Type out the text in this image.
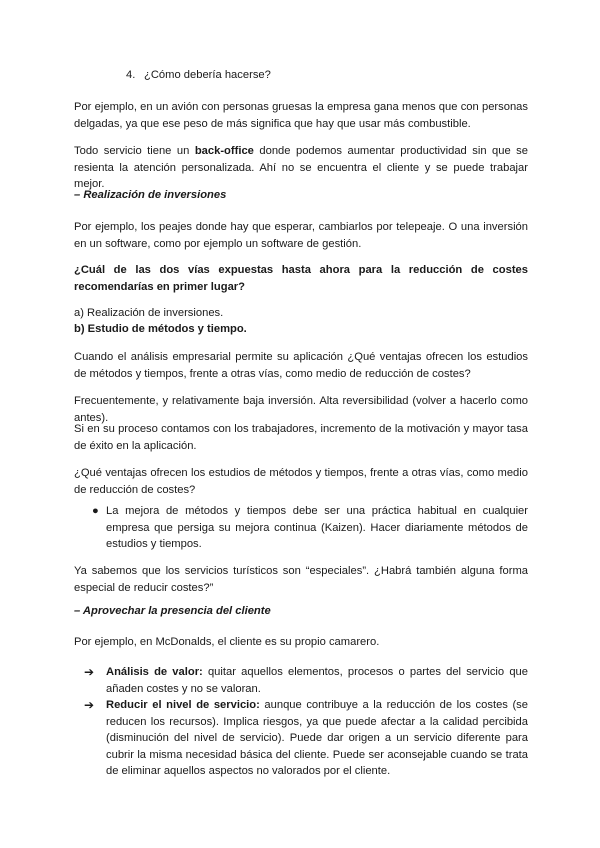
4. ¿Cómo debería hacerse?

Por ejemplo, en un avión con personas gruesas la empresa gana menos que con personas delgadas, ya que ese peso de más significa que hay que usar más combustible.

Todo servicio tiene un back-office donde podemos aumentar productividad sin que se resienta la atención personalizada. Ahí no se encuentra el cliente y se puede trabajar mejor.

– Realización de inversiones

Por ejemplo, los peajes donde hay que esperar, cambiarlos por telepeaje. O una inversión en un software, como por ejemplo un software de gestión.

¿Cuál de las dos vías expuestas hasta ahora para la reducción de costes recomendarías en primer lugar?

a) Realización de inversiones.

b) Estudio de métodos y tiempo.

Cuando el análisis empresarial permite su aplicación ¿Qué ventajas ofrecen los estudios de métodos y tiempos, frente a otras vías, como medio de reducción de costes?

Frecuentemente, y relativamente baja inversión. Alta reversibilidad (volver a hacerlo como antes).

Si en su proceso contamos con los trabajadores, incremento de la motivación y mayor tasa de éxito en la aplicación.

¿Qué ventajas ofrecen los estudios de métodos y tiempos, frente a otras vías, como medio de reducción de costes?

● La mejora de métodos y tiempos debe ser una práctica habitual en cualquier empresa que persiga su mejora continua (Kaizen). Hacer diariamente métodos de estudios y tiempos.

Ya sabemos que los servicios turísticos son “especiales”. ¿Habrá también alguna forma especial de reducir costes?”

– Aprovechar la presencia del cliente

Por ejemplo, en McDonalds, el cliente es su propio camarero.

➔ Análisis de valor: quitar aquellos elementos, procesos o partes del servicio que añaden costes y no se valoran.
➔ Reducir el nivel de servicio: aunque contribuye a la reducción de los costes (se reducen los recursos). Implica riesgos, ya que puede afectar a la calidad percibida (disminución del nivel de servicio). Puede dar origen a un servicio diferente para cubrir la misma necesidad básica del cliente. Puede ser aconsejable cuando se trata de eliminar aquellos aspectos no valorados por el cliente.
